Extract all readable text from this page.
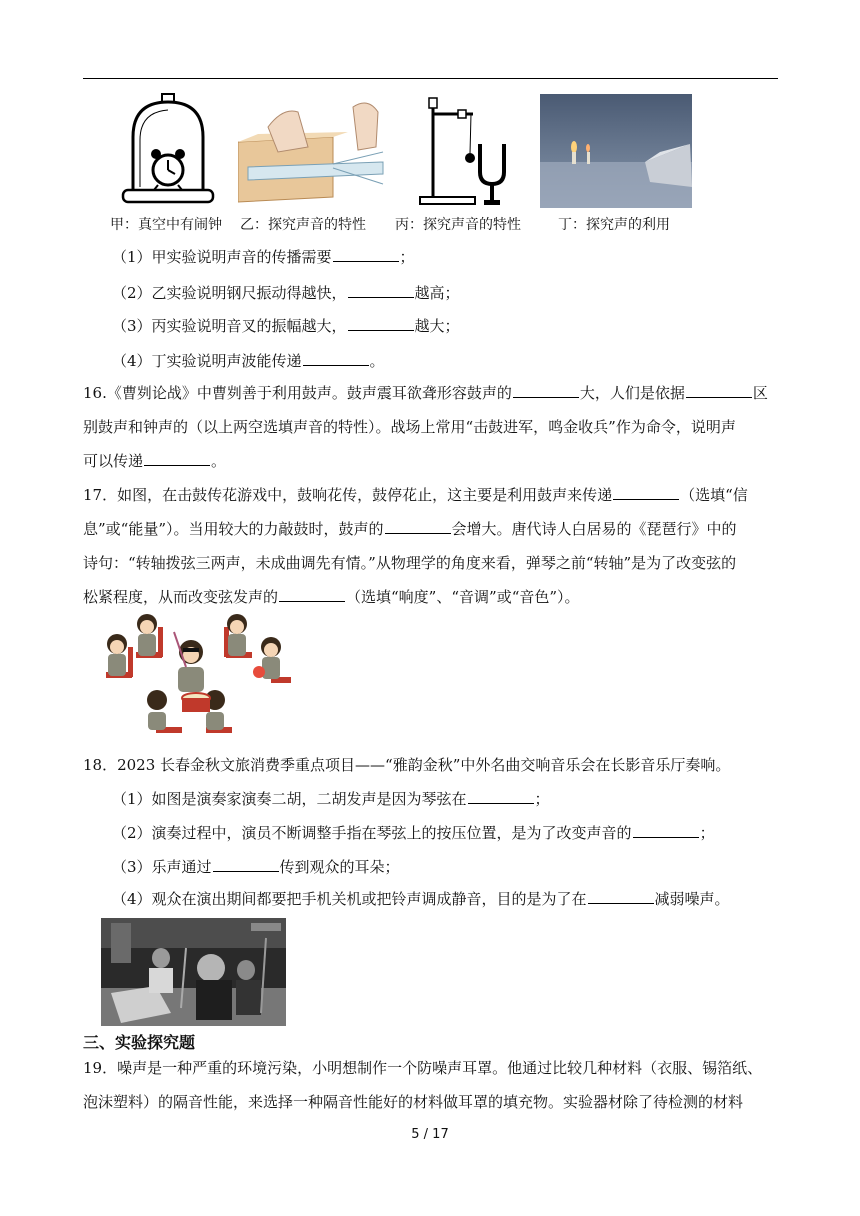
甲：真空中有闹钟 乙：探究声音的特性 丙：探究声音的特性	丁：探究声的利用
（1）甲实验说明声音的传播需要	；
（2）乙实验说明钢尺振动得越快，	越高；
（3）丙实验说明音叉的振幅越大，	越大；
（4）丁实验说明声波能传递	。
16.《曹刿论战》中曹刿善于利用鼓声。鼓声震耳欲聋形容鼓声的	大，人们是依据	区
别鼓声和钟声的（以上两空选填声音的特性）。战场上常用“击鼓进军，鸣金收兵”作为命令，说明声
可以传递	。
17．如图，在击鼓传花游戏中，鼓响花传，鼓停花止，这主要是利用鼓声来传递	（选填“信
息”或“能量”）。当用较大的力敲鼓时，鼓声的	会增大。唐代诗人白居易的《琵琶行》中的
诗句：“转轴拨弦三两声，未成曲调先有情。”从物理学的角度来看，弹琴之前“转轴”是为了改变弦的
松紧程度，从而改变弦发声的	（选填“响度”、“音调”或“音色”）。
18．2023 长春金秋文旅消费季重点项目——“雅韵金秋”中外名曲交响音乐会在长影音乐厅奏响。
（1）如图是演奏家演奏二胡，二胡发声是因为琴弦在	；
（2）演奏过程中，演员不断调整手指在琴弦上的按压位置，是为了改变声音的	；
（3）乐声通过	传到观众的耳朵；
（4）观众在演出期间都要把手机关机或把铃声调成静音，目的是为了在	减弱噪声。
三、实验探究题
19．噪声是一种严重的环境污染，小明想制作一个防噪声耳罩。他通过比较几种材料（衣服、锡箔纸、
泡沫塑料）的隔音性能，来选择一种隔音性能好的材料做耳罩的填充物。实验器材除了待检测的材料
5 / 17
